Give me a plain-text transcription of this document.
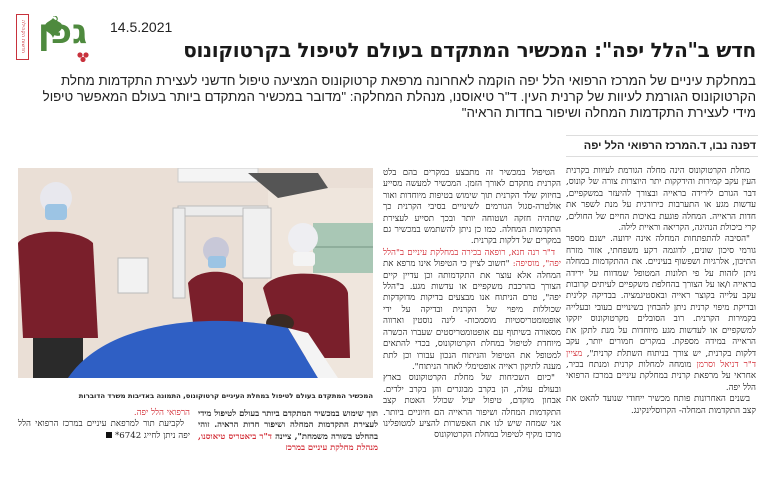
חדשות הקהילה גפן 14.5.2021
חדש ב"הלל יפה": המכשיר המתקדם בעולם לטיפול בקרטוקונוס
במחלקת עיניים של המרכז הרפואי הלל יפה הוקמה לאחרונה מרפאת קרטוקונוס המציעה טיפול חדשני לעצירת התקדמות מחלת הקרטוקונוס הגורמת לעיוות של קרנית העין. ד"ר טיאוסנו, מנהלת המחלקה: "מדובר במכשיר המתקדם ביותר בעולם המאפשר טיפול מידי לעצירת התקדמות המחלה ושיפור בחדות הראיה"
דפנה נבו, ד.המרכז הרפואי הלל יפה

מחלת הקרטוקונוס הינה מחלה הגורמת לעיוות בקרנית העין עקב קמירות והידקקות יתר היוצרות צורה של קונוס, דבר הגורם לירידה בראייה ובצורך להיעזר במשקפיים, עדשות מגע או התערבות כירורגית על מנת לשפר את חדות הראייה. המחלה פוגעת באיכות החיים של החולים, קרי ביכולת הנהיגה, הקריאה וראיית לילה.

"הסיבה להתפתחות המחלה אינה ידועה. ישנם מספר גורמי סיכון שונים, לדוגמה רקע משפחתי, אזור מזרח התיכון, אלרגיות ושפשוף בעיניים. את ההתקדמות במחלה ניתן לזהות על פי תלונות המטופל שמדווח על ירידה בראייה ו/או על הצורך בהחלפת משקפיים לעיתים קרובות עקב עלייה בקוצר ראייה ובאסטיגמציה. בבדיקה קלינית ובדיקת מיפוי קרנית ניתן להבחין בשינויים בעובי ובעלייה בקמירות הקרנית. רוב הסובלים מקרטוקונוס יזקקו למשקפיים או לעדשות מגע מיוחדות על מנת לתקן את הראייה במידה מספקת. במקרים חמורים יותר, עקב דלקות בקרנית, יש צורך בניתוח השתלת קרנית", מציין ד"ר דניאל וסרמן מומחה למחלות קרנית ומנתח בכיר, אחראי על מרפאת קרנית במחלקת עיניים במרכז הרפואי הלל יפה.

בשנים האחרונות פותח מכשיר ייחודי שנועד להאט את קצב התקדמות המחלה- הקרוסלינקינג.

הטיפול במכשיר זה מתבצע במקרים בהם בלט הקרנית מתקדם לאורך הזמן. המכשיר למעשה מסייע בחיזוק שלד הקרנית תוך שימוש בטיפות מיוחדות ואור אולטרה-סגול הגורמים לשינויים בסיבי הקרנית כך שתהיה חזקה ושטוחה יותר ובכך תסייע לעצירת התקדמות המחלה. כמו כן ניתן להשתמש במכשיר גם במקרים של דלקות בקרנית.

ד"ר רנה חנא, רופאה בכירה במחלקת עיניים ב"הלל יפה", מוסיפה: "חשוב לציין כי הטיפול אינו מרפא את המחלה אלא עוצר את התקדמותה וכן עדיין קיים הצורך בהרכבת משקפיים או עדשות מגע. ב"הלל יפה", טרם הניתוח אנו מבצעים בדיקות מדוקדקות שכוללות מיפוי של הקרנית ובדיקה על ידי אופטומטריסטיות מוסמכות- לינה נוסטין וארווה מסאורה בשיתוף עם אופטומטריסטים שעברו הכשרה מיוחדת לטיפול במחלת הקרטוקונוס, בכדי להתאים למטופל את הטיפול והניתוח הנכון עבורו וכן לתת מענה לתיקון ראייה אופטימלי לאחר הניתוח".

"כיום השכיחות של מחלת הקרטוקונוס בארץ ובעולם עולה, הן בקרב מבוגרים והן בקרב ילדים. אבחון מוקדם, טיפול יעיל שכולל האטת קצב התקדמות המחלה ושיפור הראייה הם חיוניים ביותר. אני שמחה שיש לנו את האפשרות להציע למטופלינו מרכז מקיף לטיפול במחלת הקרטוקונוס

המכשיר המתקדם בעולם לטיפול במחלת העיניים קרטוקונוס, התמונה באדיבות משרד הדוברות

תוך שימוש במכשיר המתקדם ביותר בעולם לטיפול מידי לעצירת התקדמות המחלה ושיפור חדות הראיה. זוהי בהחלט בשורה משמחת", ציינה ד"ר ביאטריס טיאוסנו, מנהלת מחלקת עיניים במרכז

הרפואי הלל יפה.

לקביעת תור למרפאת עיניים במרכז הרפואי הלל יפה ניתן לחייג 6742*
